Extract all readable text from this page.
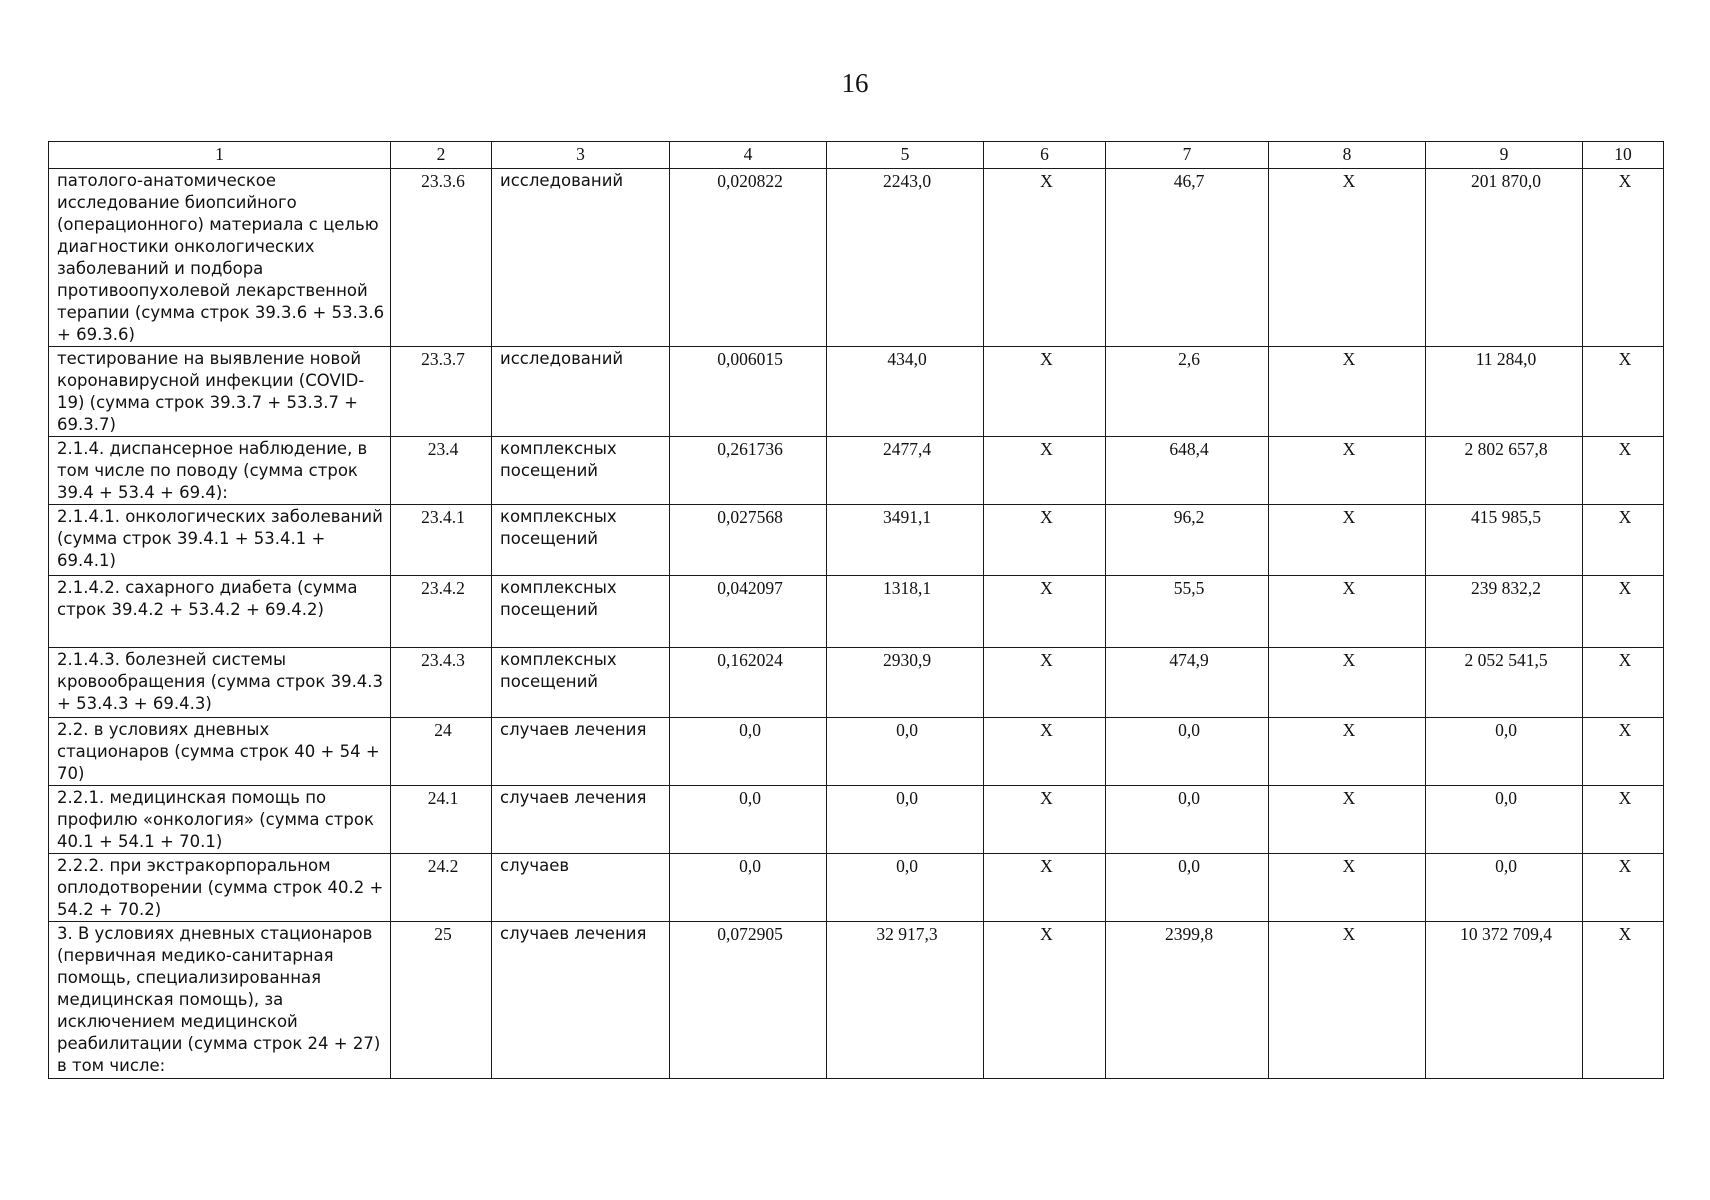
16
1	2	3	4	5	6	7	8	9	10
патолого-анатомическое исследование биопсийного (операционного) материала с целью диагностики онкологических заболеваний и подбора противоопухолевой лекарственной терапии (сумма строк 39.3.6 + 53.3.6 + 69.3.6)	23.3.6	исследований	0,020822	2243,0	X	46,7	X	201 870,0	X
тестирование на выявление новой коронавирусной инфекции (COVID-19) (сумма строк 39.3.7 + 53.3.7 + 69.3.7)	23.3.7	исследований	0,006015	434,0	X	2,6	X	11 284,0	X
2.1.4. диспансерное наблюдение, в том числе по поводу (сумма строк 39.4 + 53.4 + 69.4):	23.4	комплексных посещений	0,261736	2477,4	X	648,4	X	2 802 657,8	X
2.1.4.1. онкологических заболеваний (сумма строк 39.4.1 + 53.4.1 + 69.4.1)	23.4.1	комплексных посещений	0,027568	3491,1	X	96,2	X	415 985,5	X
2.1.4.2. сахарного диабета (сумма строк 39.4.2 + 53.4.2 + 69.4.2)	23.4.2	комплексных посещений	0,042097	1318,1	X	55,5	X	239 832,2	X
2.1.4.3. болезней системы кровообращения (сумма строк 39.4.3 + 53.4.3 + 69.4.3)	23.4.3	комплексных посещений	0,162024	2930,9	X	474,9	X	2 052 541,5	X
2.2. в условиях дневных стационаров (сумма строк 40 + 54 + 70)	24	случаев лечения	0,0	0,0	X	0,0	X	0,0	X
2.2.1. медицинская помощь по профилю «онкология» (сумма строк 40.1 + 54.1 + 70.1)	24.1	случаев лечения	0,0	0,0	X	0,0	X	0,0	X
2.2.2. при экстракорпоральном оплодотворении (сумма строк 40.2 + 54.2 + 70.2)	24.2	случаев	0,0	0,0	X	0,0	X	0,0	X
3. В условиях дневных стационаров (первичная медико-санитарная помощь, специализированная медицинская помощь), за исключением медицинской реабилитации (сумма строк 24 + 27) в том числе:	25	случаев лечения	0,072905	32 917,3	X	2399,8	X	10 372 709,4	X
